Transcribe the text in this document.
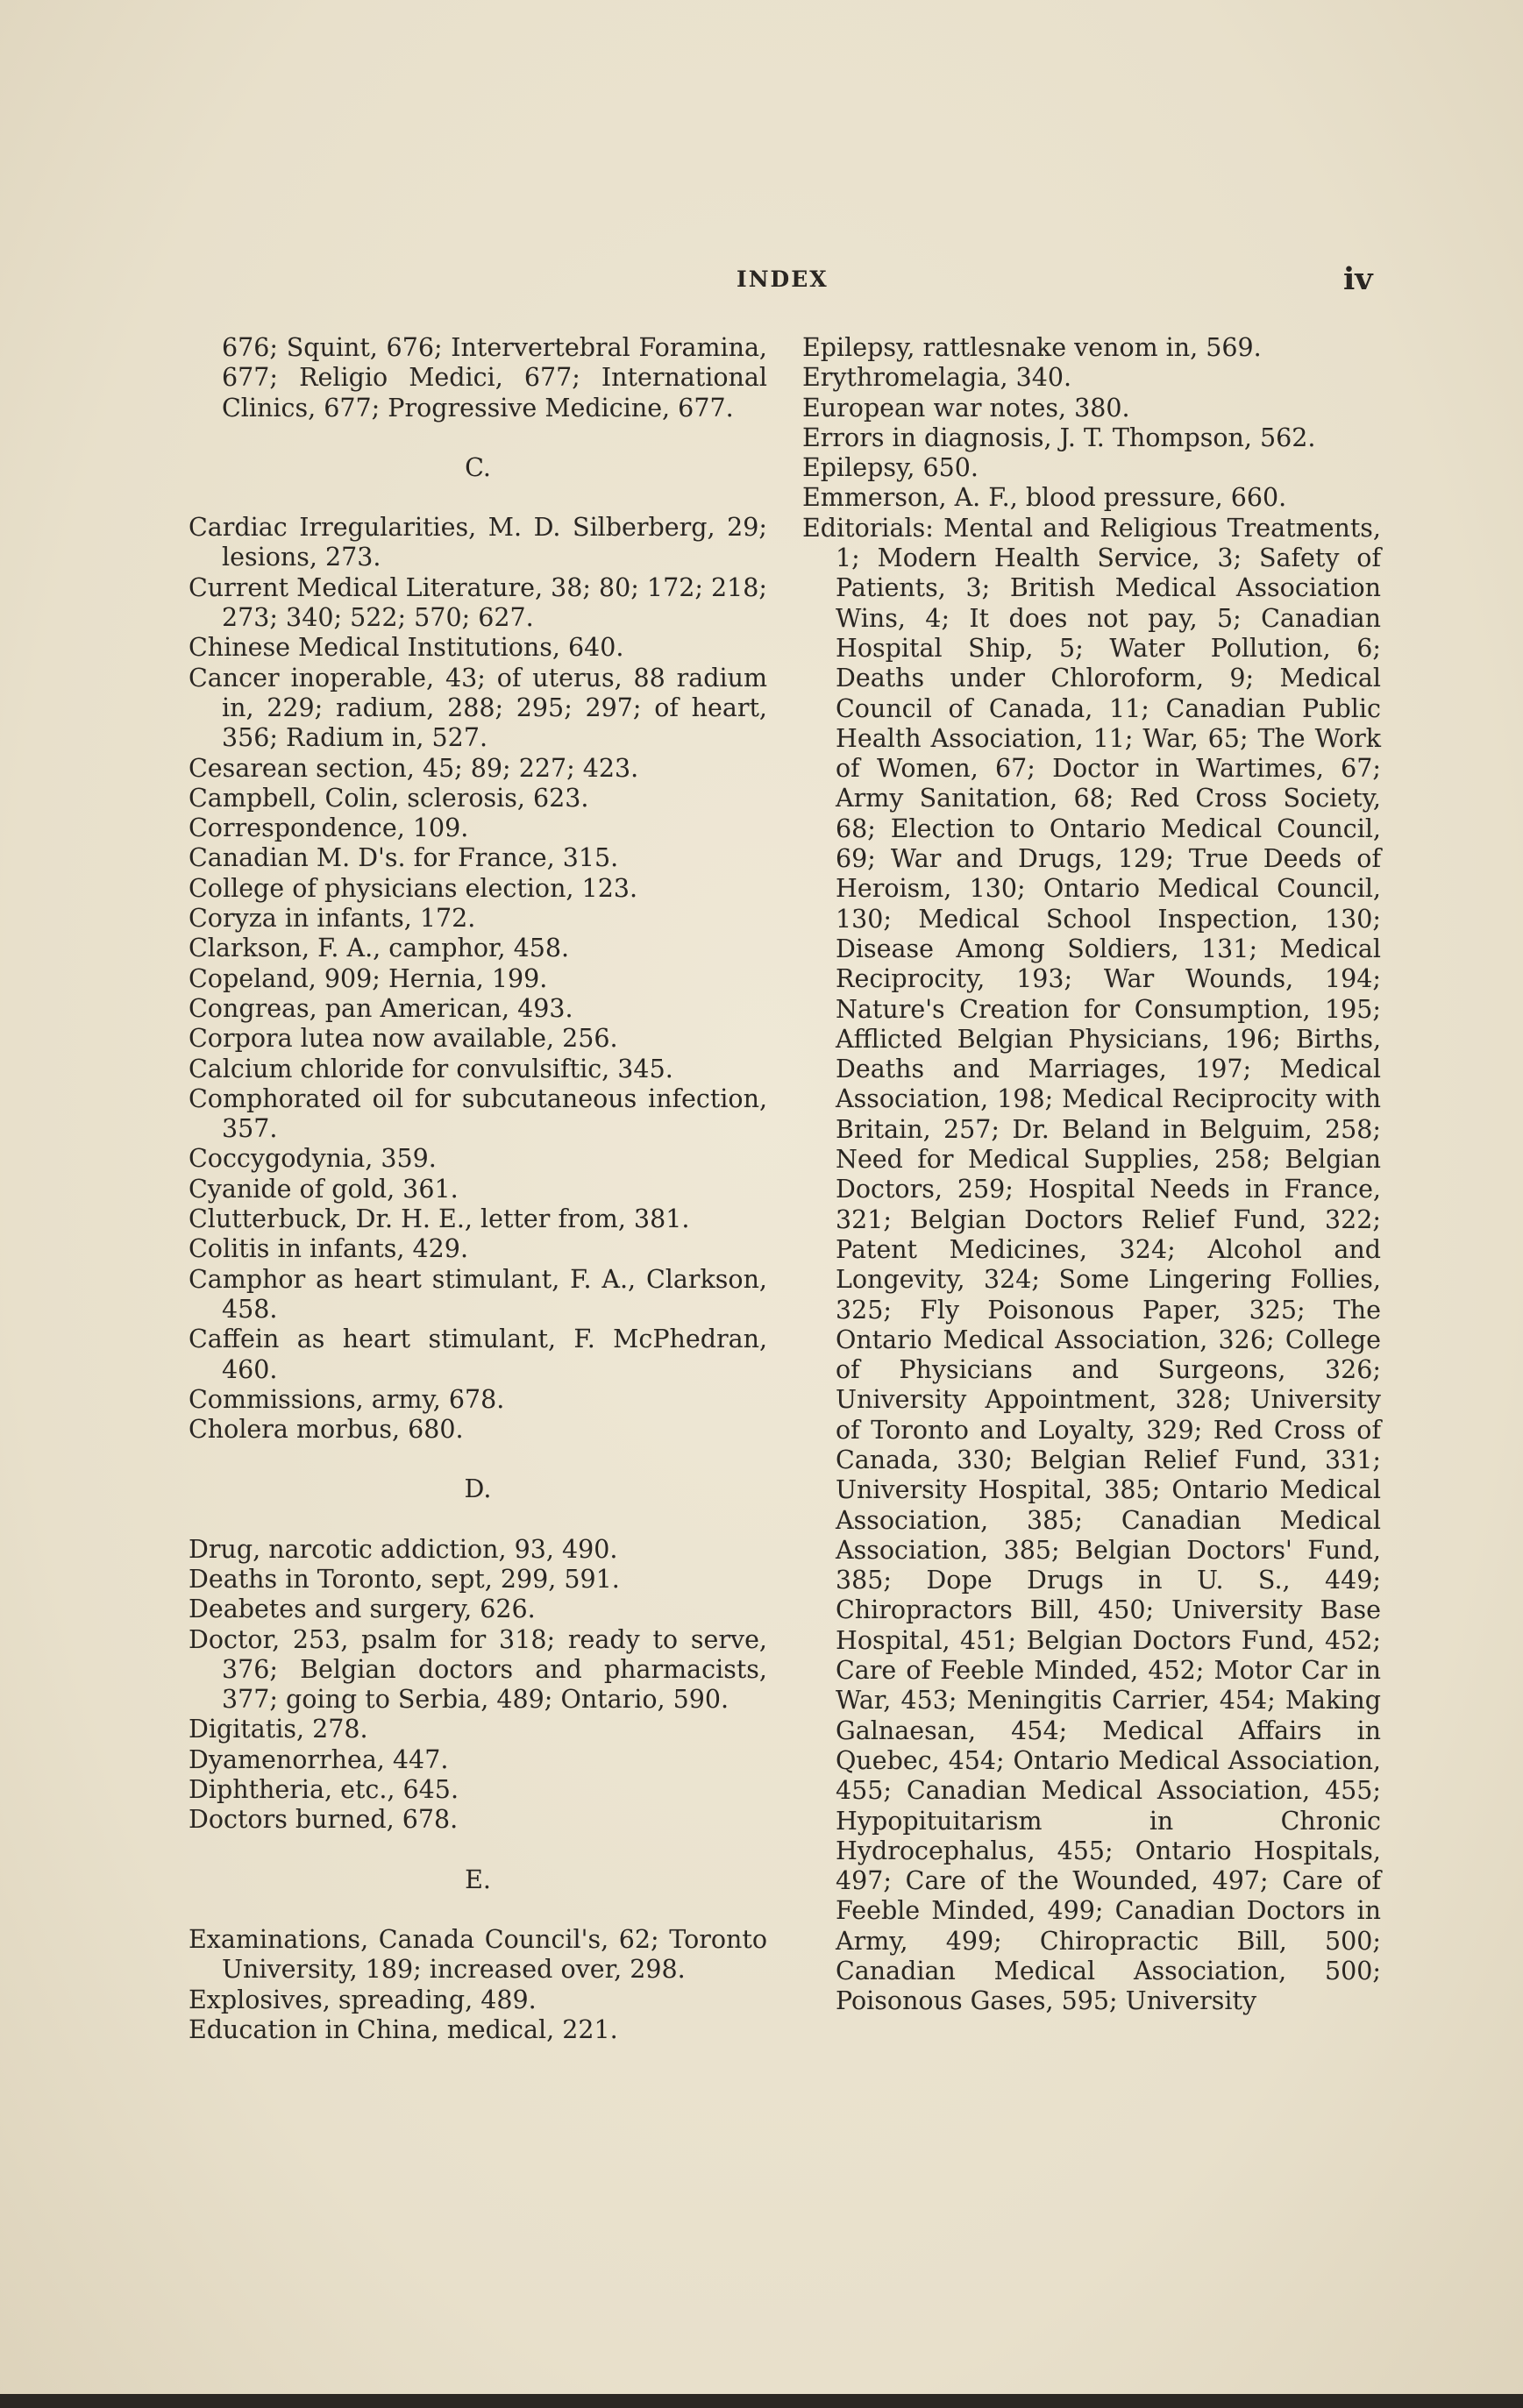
INDEX	iv

676; Squint, 676; Intervertebral Foramina, 677; Religio Medici, 677; International Clinics, 677; Progressive Medicine, 677.

C.

Cardiac Irregularities, M. D. Silberberg, 29; lesions, 273.

Current Medical Literature, 38; 80; 172; 218; 273; 340; 522; 570; 627.

Chinese Medical Institutions, 640.

Cancer inoperable, 43; of uterus, 88 radium in, 229; radium, 288; 295; 297; of heart, 356; Radium in, 527.

Cesarean section, 45; 89; 227; 423.

Campbell, Colin, sclerosis, 623.

Correspondence, 109.

Canadian M. D's. for France, 315.

College of physicians election, 123.

Coryza in infants, 172.

Clarkson, F. A., camphor, 458.

Copeland, 909; Hernia, 199.

Congreas, pan American, 493.

Corpora lutea now available, 256.

Calcium chloride for convulsiftic, 345.

Comphorated oil for subcutaneous infection, 357.

Coccygodynia, 359.

Cyanide of gold, 361.

Clutterbuck, Dr. H. E., letter from, 381.

Colitis in infants, 429.

Camphor as heart stimulant, F. A., Clarkson, 458.

Caffein as heart stimulant, F. McPhedran, 460.

Commissions, army, 678.

Cholera morbus, 680.

D.

Drug, narcotic addiction, 93, 490.

Deaths in Toronto, sept, 299, 591.

Deabetes and surgery, 626.

Doctor, 253, psalm for 318; ready to serve, 376; Belgian doctors and pharmacists, 377; going to Serbia, 489; Ontario, 590.

Digitatis, 278.

Dyamenorrhea, 447.

Diphtheria, etc., 645.

Doctors burned, 678.

E.

Examinations, Canada Council's, 62; Toronto University, 189; increased over, 298.

Explosives, spreading, 489.

Education in China, medical, 221.

Epilepsy, rattlesnake venom in, 569.

Erythromelagia, 340.

European war notes, 380.

Errors in diagnosis, J. T. Thompson, 562.

Epilepsy, 650.

Emmerson, A. F., blood pressure, 660.

Editorials: Mental and Religious Treatments, 1; Modern Health Service, 3; Safety of Patients, 3; British Medical Association Wins, 4; It does not pay, 5; Canadian Hospital Ship, 5; Water Pollution, 6; Deaths under Chloroform, 9; Medical Council of Canada, 11; Canadian Public Health Association, 11; War, 65; The Work of Women, 67; Doctor in Wartimes, 67; Army Sanitation, 68; Red Cross Society, 68; Election to Ontario Medical Council, 69; War and Drugs, 129; True Deeds of Heroism, 130; Ontario Medical Council, 130; Medical School Inspection, 130; Disease Among Soldiers, 131; Medical Reciprocity, 193; War Wounds, 194; Nature's Creation for Consumption, 195; Afflicted Belgian Physicians, 196; Births, Deaths and Marriages, 197; Medical Association, 198; Medical Reciprocity with Britain, 257; Dr. Beland in Belguim, 258; Need for Medical Supplies, 258; Belgian Doctors, 259; Hospital Needs in France, 321; Belgian Doctors Relief Fund, 322; Patent Medicines, 324; Alcohol and Longevity, 324; Some Lingering Follies, 325; Fly Poisonous Paper, 325; The Ontario Medical Association, 326; College of Physicians and Surgeons, 326; University Appointment, 328; University of Toronto and Loyalty, 329; Red Cross of Canada, 330; Belgian Relief Fund, 331; University Hospital, 385; Ontario Medical Association, 385; Canadian Medical Association, 385; Belgian Doctors' Fund, 385; Dope Drugs in U. S., 449; Chiropractors Bill, 450; University Base Hospital, 451; Belgian Doctors Fund, 452; Care of Feeble Minded, 452; Motor Car in War, 453; Meningitis Carrier, 454; Making Galnaesan, 454; Medical Affairs in Quebec, 454; Ontario Medical Association, 455; Canadian Medical Association, 455; Hypopituitarism in Chronic Hydrocephalus, 455; Ontario Hospitals, 497; Care of the Wounded, 497; Care of Feeble Minded, 499; Canadian Doctors in Army, 499; Chiropractic Bill, 500; Canadian Medical Association, 500; Poisonous Gases, 595; University
